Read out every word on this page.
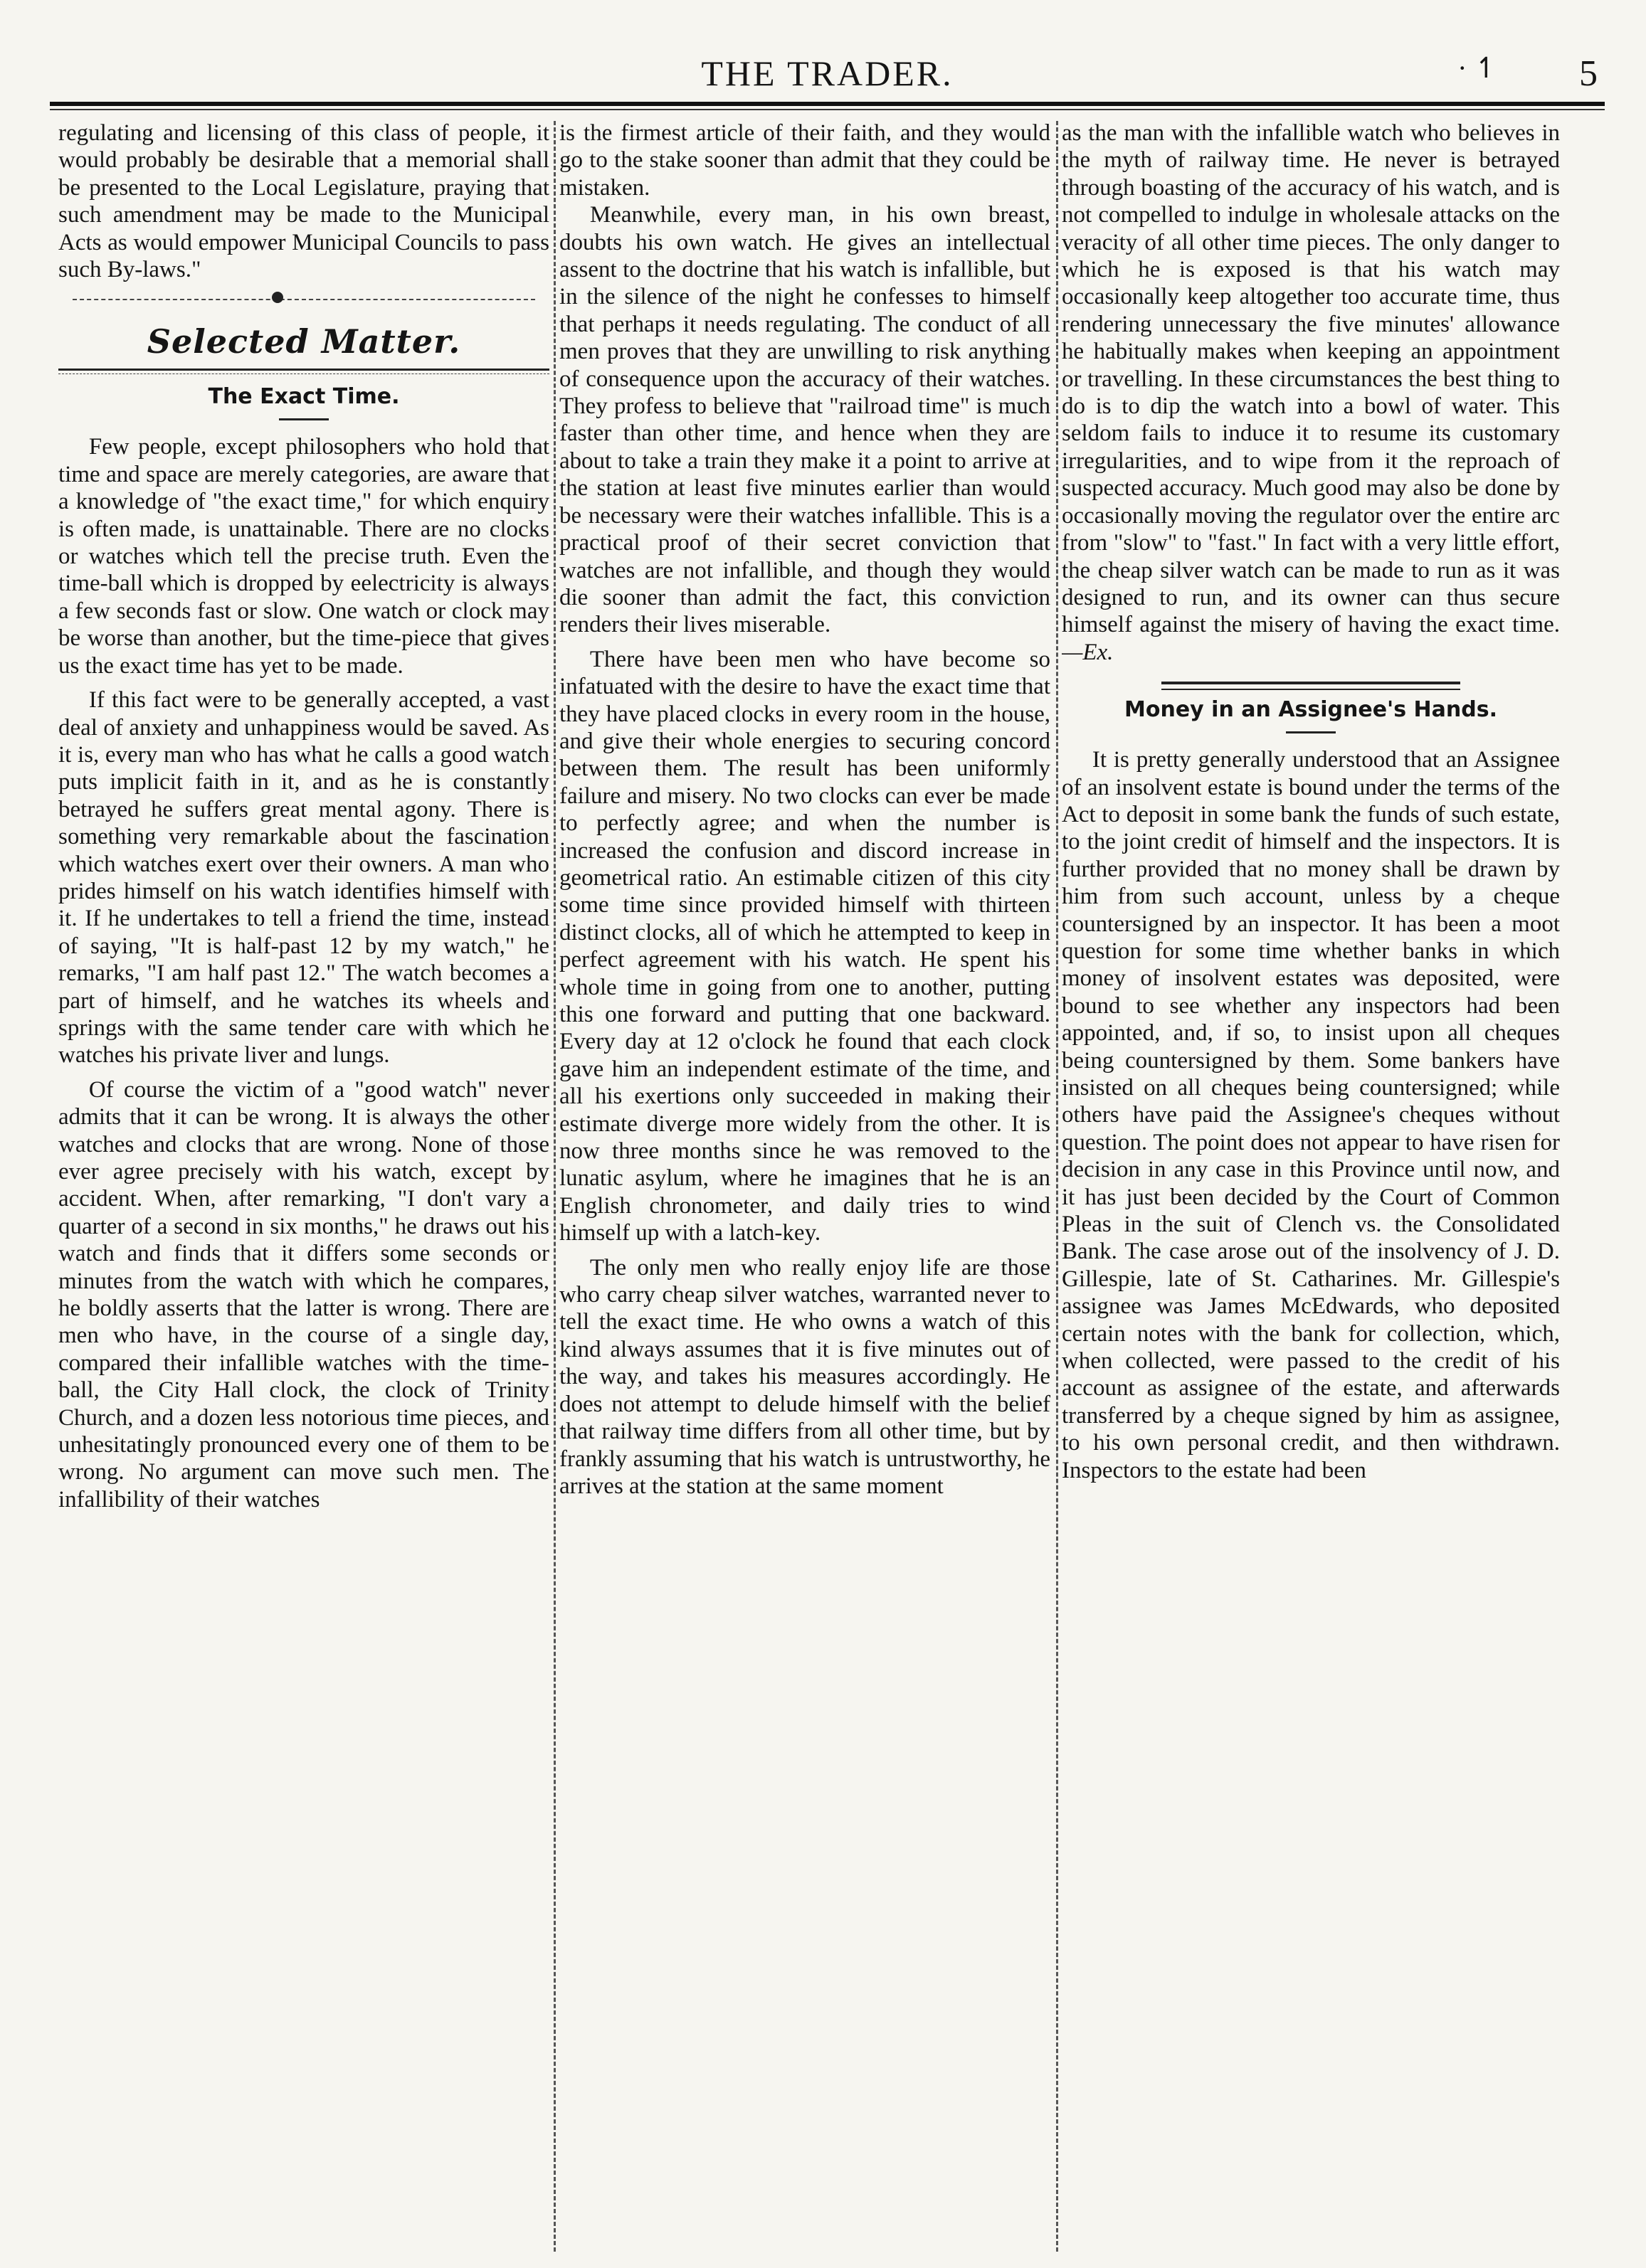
THE TRADER.	· ↿ 5

regulating and licensing of this class of people, it would probably be desirable that a memorial shall be presented to the Local Legislature, praying that such amendment may be made to the Municipal Acts as would empower Municipal Councils to pass such By-laws."

Selected Matter.

The Exact Time.

Few people, except philosophers who hold that time and space are merely categories, are aware that a knowledge of "the exact time," for which enquiry is often made, is unattainable. There are no clocks or watches which tell the precise truth. Even the time-ball which is dropped by eelectricity is always a few seconds fast or slow. One watch or clock may be worse than another, but the time-piece that gives us the exact time has yet to be made.

If this fact were to be generally accepted, a vast deal of anxiety and unhappiness would be saved. As it is, every man who has what he calls a good watch puts implicit faith in it, and as he is constantly betrayed he suffers great mental agony. There is something very remarkable about the fascination which watches exert over their owners. A man who prides himself on his watch identifies himself with it. If he undertakes to tell a friend the time, instead of saying, "It is half-past 12 by my watch," he remarks, "I am half past 12." The watch becomes a part of himself, and he watches its wheels and springs with the same tender care with which he watches his private liver and lungs.

Of course the victim of a "good watch" never admits that it can be wrong. It is always the other watches and clocks that are wrong. None of those ever agree precisely with his watch, except by accident. When, after remarking, "I don't vary a quarter of a second in six months," he draws out his watch and finds that it differs some seconds or minutes from the watch with which he compares, he boldly asserts that the latter is wrong. There are men who have, in the course of a single day, compared their infallible watches with the time-ball, the City Hall clock, the clock of Trinity Church, and a dozen less notorious time pieces, and unhesitatingly pronounced every one of them to be wrong. No argument can move such men. The infallibility of their watches

is the firmest article of their faith, and they would go to the stake sooner than admit that they could be mistaken.

Meanwhile, every man, in his own breast, doubts his own watch. He gives an intellectual assent to the doctrine that his watch is infallible, but in the silence of the night he confesses to himself that perhaps it needs regulating. The conduct of all men proves that they are unwilling to risk anything of consequence upon the accuracy of their watches. They profess to believe that "railroad time" is much faster than other time, and hence when they are about to take a train they make it a point to arrive at the station at least five minutes earlier than would be necessary were their watches infallible. This is a practical proof of their secret conviction that watches are not infallible, and though they would die sooner than admit the fact, this conviction renders their lives miserable.

There have been men who have become so infatuated with the desire to have the exact time that they have placed clocks in every room in the house, and give their whole energies to securing concord between them. The result has been uniformly failure and misery. No two clocks can ever be made to perfectly agree; and when the number is increased the confusion and discord increase in geometrical ratio. An estimable citizen of this city some time since provided himself with thirteen distinct clocks, all of which he attempted to keep in perfect agreement with his watch. He spent his whole time in going from one to another, putting this one forward and putting that one backward. Every day at 12 o'clock he found that each clock gave him an independent estimate of the time, and all his exertions only succeeded in making their estimate diverge more widely from the other. It is now three months since he was removed to the lunatic asylum, where he imagines that he is an English chronometer, and daily tries to wind himself up with a latch-key.

The only men who really enjoy life are those who carry cheap silver watches, warranted never to tell the exact time. He who owns a watch of this kind always assumes that it is five minutes out of the way, and takes his measures accordingly. He does not attempt to delude himself with the belief that railway time differs from all other time, but by frankly assuming that his watch is untrustworthy, he arrives at the station at the same moment

as the man with the infallible watch who believes in the myth of railway time. He never is betrayed through boasting of the accuracy of his watch, and is not compelled to indulge in wholesale attacks on the veracity of all other time pieces. The only danger to which he is exposed is that his watch may occasionally keep altogether too accurate time, thus rendering unnecessary the five minutes' allowance he habitually makes when keeping an appointment or travelling. In these circumstances the best thing to do is to dip the watch into a bowl of water. This seldom fails to induce it to resume its customary irregularities, and to wipe from it the reproach of suspected accuracy. Much good may also be done by occasionally moving the regulator over the entire arc from "slow" to "fast." In fact with a very little effort, the cheap silver watch can be made to run as it was designed to run, and its owner can thus secure himself against the misery of having the exact time. —Ex.

Money in an Assignee's Hands.

It is pretty generally understood that an Assignee of an insolvent estate is bound under the terms of the Act to deposit in some bank the funds of such estate, to the joint credit of himself and the inspectors. It is further provided that no money shall be drawn by him from such account, unless by a cheque countersigned by an inspector. It has been a moot question for some time whether banks in which money of insolvent estates was deposited, were bound to see whether any inspectors had been appointed, and, if so, to insist upon all cheques being countersigned by them. Some bankers have insisted on all cheques being countersigned; while others have paid the Assignee's cheques without question. The point does not appear to have risen for decision in any case in this Province until now, and it has just been decided by the Court of Common Pleas in the suit of Clench vs. the Consolidated Bank. The case arose out of the insolvency of J. D. Gillespie, late of St. Catharines. Mr. Gillespie's assignee was James McEdwards, who deposited certain notes with the bank for collection, which, when collected, were passed to the credit of his account as assignee of the estate, and afterwards transferred by a cheque signed by him as assignee, to his own personal credit, and then withdrawn. Inspectors to the estate had been
